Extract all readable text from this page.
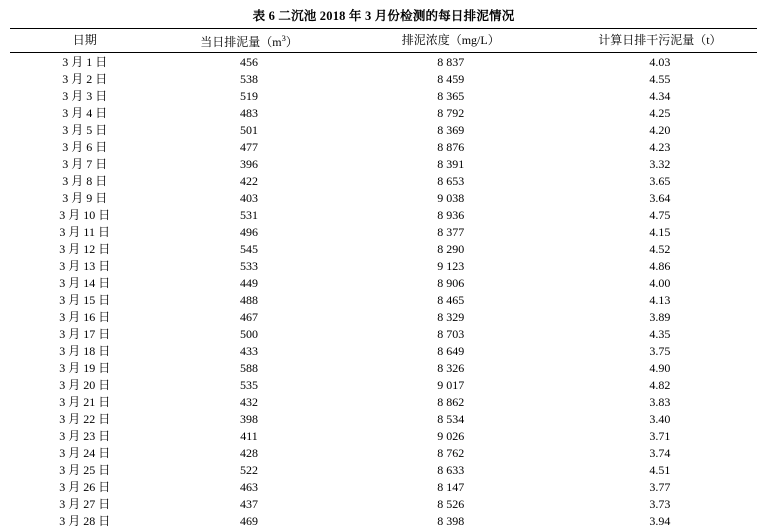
表 6 二沉池 2018 年 3 月份检测的每日排泥情况
日期	当日排泥量$(m^3)$	排泥浓度（mg/L）	计算日排干污泥量（t）
3 月 1 日	456	8 837	4.03
3 月 2 日	538	8 459	4.55
3 月 3 日	519	8 365	4.34
3 月 4 日	483	8 792	4.25
3 月 5 日	501	8 369	4.20
3 月 6 日	477	8 876	4.23
3 月 7 日	396	8 391	3.32
3 月 8 日	422	8 653	3.65
3 月 9 日	403	9 038	3.64
3 月 10 日	531	8 936	4.75
3 月 11 日	496	8 377	4.15
3 月 12 日	545	8 290	4.52
3 月 13 日	533	9 123	4.86
3 月 14 日	449	8 906	4.00
3 月 15 日	488	8 465	4.13
3 月 16 日	467	8 329	3.89
3 月 17 日	500	8 703	4.35
3 月 18 日	433	8 649	3.75
3 月 19 日	588	8 326	4.90
3 月 20 日	535	9 017	4.82
3 月 21 日	432	8 862	3.83
3 月 22 日	398	8 534	3.40
3 月 23 日	411	9 026	3.71
3 月 24 日	428	8 762	3.74
3 月 25 日	522	8 633	4.51
3 月 26 日	463	8 147	3.77
3 月 27 日	437	8 526	3.73
3 月 28 日	469	8 398	3.94
